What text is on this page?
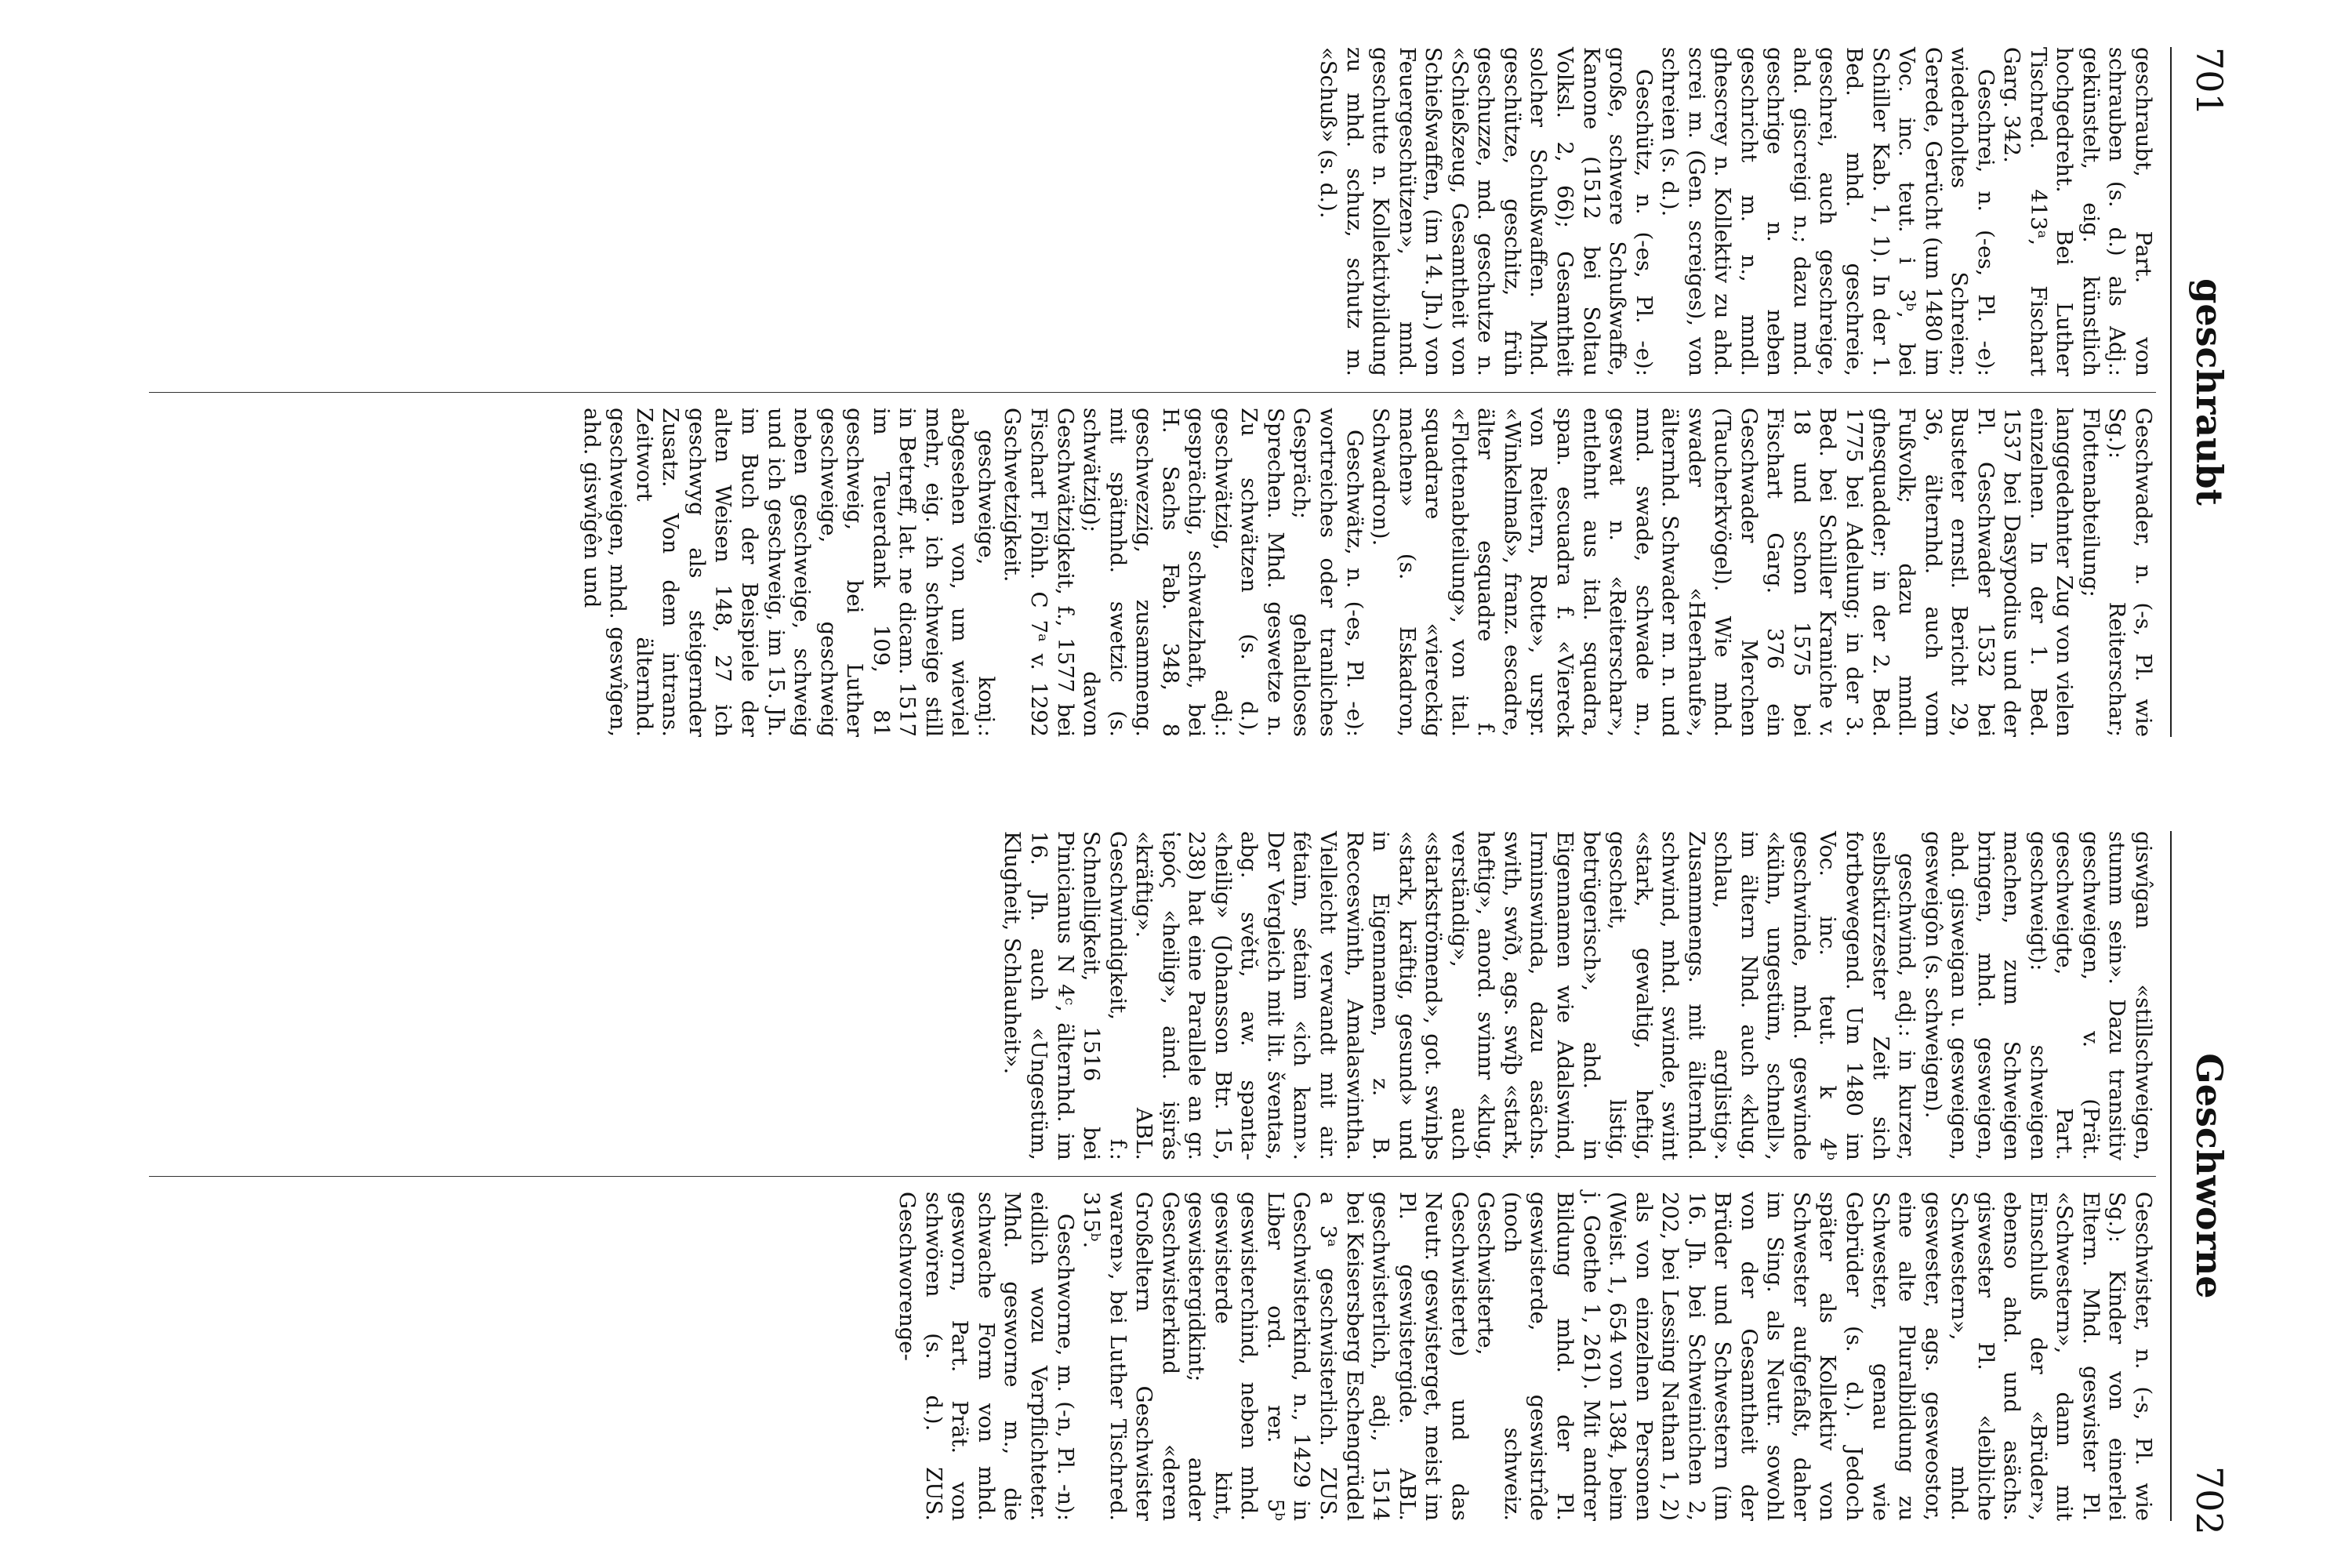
701
geschraubt

geschraubt, Part. von schrauben (s. d.) als Adj.: gekünstelt, eig. künstlich hochgedreht. Bei Luther Tischred. 413ᵃ, Fischart Garg. 342.

Geschrei, n. (-es, Pl. -e): wiederholtes Schreien; Gerede, Gerücht (um 1480 im Voc. inc. teut. i 3ᵇ, bei Schiller Kab. 1, 1). In der 1. Bed. mhd. geschreie, geschrei, auch geschreige, ahd. giscreigi n.; dazu mnd. geschrige n. neben geschricht m. n., mndl. ghescrey n. Kollektiv zu ahd. screi m. (Gen. screiges), von schreien (s. d.).

Geschütz, n. (-es, Pl. -e): große, schwere Schußwaffe, Kanone (1512 bei Soltau Volksl. 2, 66); Gesamtheit solcher Schußwaffen. Mhd. geschütze, geschitz, früh geschuzze, md. geschutze n. «Schießzeug, Gesamtheit von Schießwaffen, (im 14. Jh.) von Feuergeschützen», mnd. geschutte n. Kollektivbildung zu mhd. schuz, schutz m. «Schuß» (s. d.).

Geschwader, n. (-s, Pl. wie Sg.): Reiterschar; Flottenabteilung; langgedehnter Zug von vielen einzelnen. In der 1. Bed. 1537 bei Dasypodius und der Pl. Geschwader 1532 bei Busteter ernstl. Bericht 29, 36, älternhd. auch vom Fußvolk; dazu mndl. ghesquadder; in der 2. Bed. 1775 bei Adelung; in der 3. Bed. bei Schiller Kraniche v. 18 und schon 1575 bei Fischart Garg. 376 ein Geschwader Merchen (Taucherkvögel). Wie mhd. swader «Heerhaufe», älternhd. Schwader m. n. und mnd. swade, schwade m., geswat n. «Reiterschar», entlehnt aus ital. squadra, span. escuadra f. «Viereck von Reitern, Rotte», urspr. «Winkelmaß», franz. escadre, älter esquadre f. «Flottenabteilung», von ital. squadrare «viereckig machen» (s. Eskadron, Schwadron).

Geschwätz, n. (-es, Pl. -e): wortreiches oder tranliches Gespräch; gehaltloses Sprechen. Mhd. geswetze n. Zu schwätzen (s. d.), geschwätzig, adj.: gesprächig, schwatzhaft, bei H. Sachs Fab. 348, 8 geschwezzig, zusammeng. mit spätmhd. swetzic (s. schwätzig); davon Geschwätzigkeit, f., 1577 bei Fischart Flöhh. C 7ᵃ v. 1292 Gschwetzigkeit.

geschweige, konj.: abgesehen von, um wieviel mehr, eig. ich schweige still in Betreff, lat. ne dicam. 1517 im Teuerdank 109, 81 geschweig, bei Luther geschweige, geschweig neben geschweige, schweig und ich geschweig, im 15. Jh. im Buch der Beispiele der alten Weisen 148, 27 ich geschwyg als steigernder Zusatz. Von dem intrans. Zeitwort älternhd. geschweigen, mhd. geswîgen, ahd. giswîgên und

Geschworne
702

giswîgan «stillschweigen, stumm sein». Dazu transitiv geschweigen, v. (Prät. geschweigte, Part. geschweigt): schweigen machen, zum Schweigen bringen, mhd. gesweigen, ahd. gisweigan u. gesweigen, gesweigôn (s. schweigen).

geschwind, adj.: in kurzer, selbstkürzester Zeit sich fortbewegend. Um 1480 im Voc. inc. teut. k 4ᵇ geschwinde, mhd. geswinde «kühn, ungestüm, schnell», im ältern Nhd. auch «klug, schlau, arglistig». Zusammengs. mit älternhd. schwind, mhd. swinde, swint «stark, gewaltig, heftig, gescheit, listig, betrügerisch», ahd. in Eigennamen wie Adalswind, Irminswinda, dazu asächs. swith, swîð, ags. swîþ «stark, heftig», anord. svinnr «klug, verständig», auch «starkströmend», got. swinþs «stark, kräftig, gesund» und in Eigennamen, z. B. Recceswinth, Amalaswintha. Vielleicht verwandt mit air. fétaim, sétaim «ich kann». Der Vergleich mit lit. šventas, abg. světŭ, aw. spənta- «heilig» (Johansson Btr. 15, 238) hat eine Parallele an gr. ἱερός «heilig», aind. iṣirás «kräftig». ABL. Geschwindigkeit, f.: Schnelligkeit, 1516 bei Pinicianus N 4ᶜ, älternhd. im 16. Jh. auch «Ungestüm, Klugheit, Schlauheit».

Geschwister, n. (-s, Pl. wie Sg.): Kinder von einerlei Eltern. Mhd. geswister Pl. «Schwestern», dann mit Einschluß der «Brüder», ebenso ahd. und asächs. giswester Pl. «leibliche Schwestern», mhd. geswester, ags. gesweostor, eine alte Pluralbildung zu Schwester, genau wie Gebrüder (s. d.). Jedoch später als Kollektiv von Schwester aufgefaßt, daher im Sing. als Neutr. sowohl von der Gesamtheit der Brüder und Schwestern (im 16. Jh. bei Schweinichen 2, 202, bei Lessing Nathan 1, 2) als von einzelnen Personen (Weist. 1, 654 von 1384, beim j. Goethe 1, 261). Mit andrer Bildung mhd. der Pl. geswisterde, geswistrîde (noch schweiz. Geschwisterte, Geschwisterte) und das Neutr. geswisterget, meist im Pl. geswistergide. ABL. geschwisterlich, adj., 1514 bei Keisersberg Eschengrüdel a 3ᵃ geschwisterlich. ZUS. Geschwisterkind, n., 1429 in Liber ord. rer. 5ᵇ geswisterchind, neben mhd. geswisterde kint, geswistergidkint; ander Geschwisterkind «deren Großeltern Geschwister waren», bei Luther Tischred. 315ᵇ.

Geschworne, m. (-n, Pl. -n): eidlich wozu Verpflichteter. Mhd. gesworne m., die schwache Form von mhd. gesworn, Part. Prät. von schwören (s. d.). ZUS. Geschworenge-
